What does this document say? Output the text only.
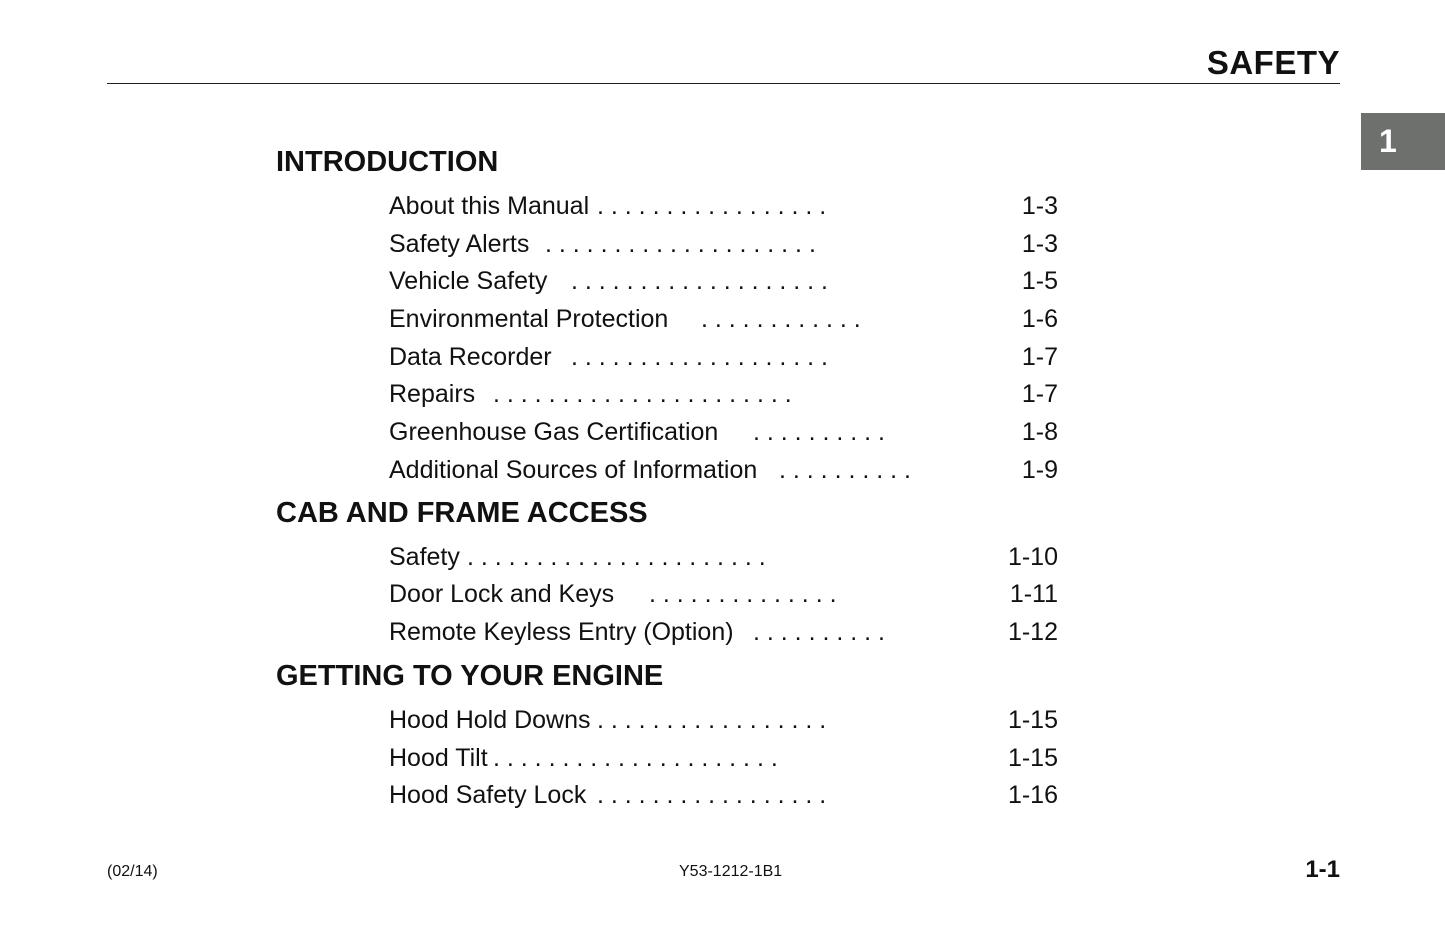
SAFETY
1
INTRODUCTION
About this Manual . . . . . . . . . . . . . . . . .	1-3
Safety Alerts . . . . . . . . . . . . . . . . . . . .	1-3
Vehicle Safety . . . . . . . . . . . . . . . . . . .	1-5
Environmental Protection . . . . . . . . . . . .	1-6
Data Recorder . . . . . . . . . . . . . . . . . . .	1-7
Repairs . . . . . . . . . . . . . . . . . . . . . .	1-7
Greenhouse Gas Certification . . . . . . . . . .	1-8
Additional Sources of Information . . . . . . . . . .	1-9
CAB AND FRAME ACCESS
Safety . . . . . . . . . . . . . . . . . . . . . .	1-10
Door Lock and Keys . . . . . . . . . . . . . .	1-11
Remote Keyless Entry (Option) . . . . . . . . . .	1-12
GETTING TO YOUR ENGINE
Hood Hold Downs . . . . . . . . . . . . . . . . .	1-15
Hood Tilt . . . . . . . . . . . . . . . . . . . . .	1-15
Hood Safety Lock . . . . . . . . . . . . . . . . .	1-16
(02/14)	Y53-1212-1B1	1-1
